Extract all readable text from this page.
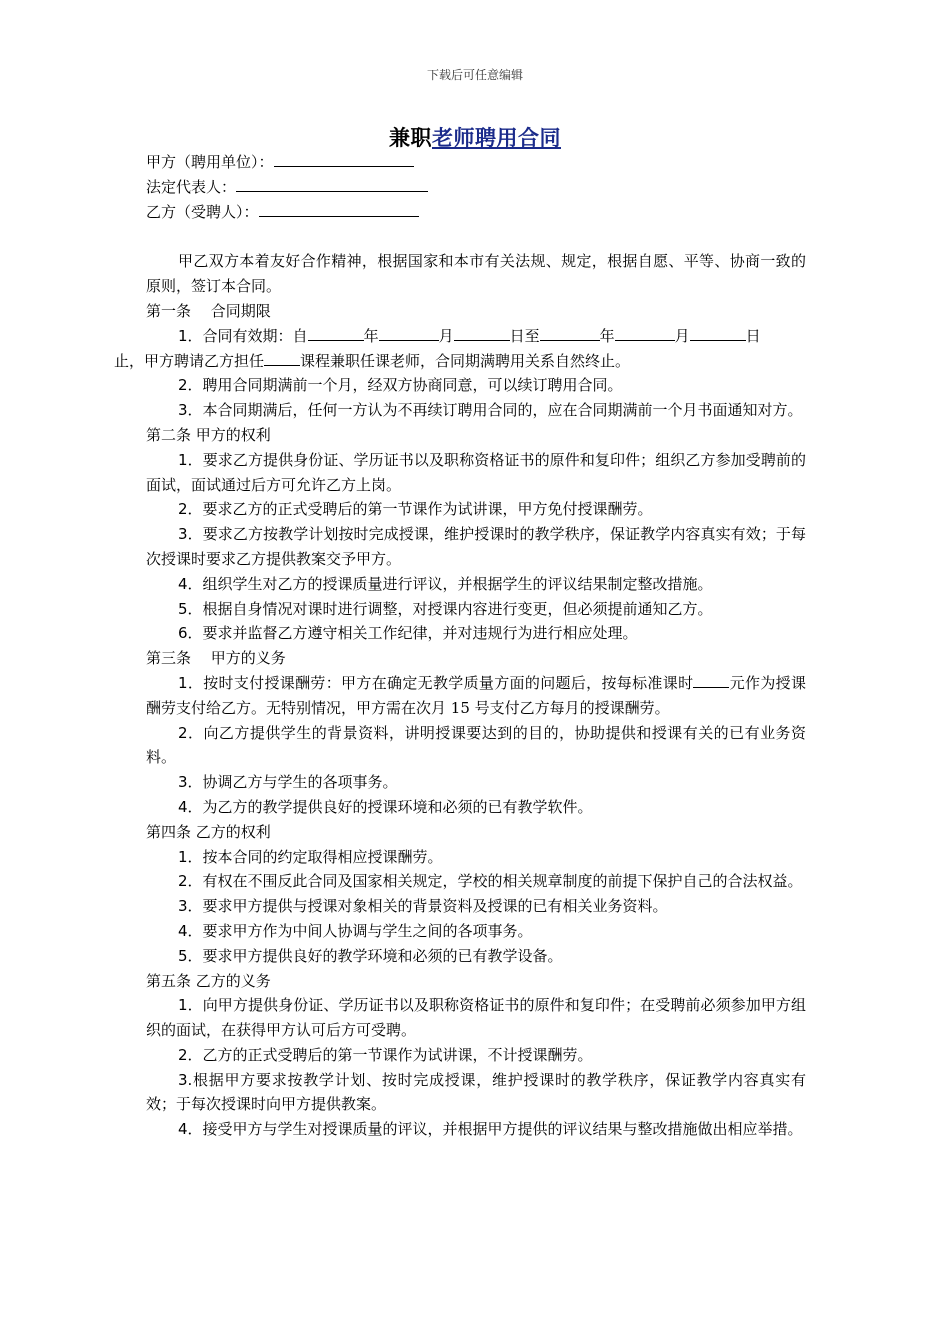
下载后可任意编辑
兼职老师聘用合同
甲方（聘用单位）：
法定代表人：
乙方（受聘人）：

甲乙双方本着友好合作精神，根据国家和本市有关法规、规定，根据自愿、平等、协商一致的原则，签订本合同。

第一条　 合同期限

1．合同有效期：自	年	月	日至	年	月	日
止，甲方聘请乙方担任 课程兼职任课老师，合同期满聘用关系自然终止。

2．聘用合同期满前一个月，经双方协商同意，可以续订聘用合同。

3．本合同期满后，任何一方认为不再续订聘用合同的，应在合同期满前一个月书面通知对方。

第二条 甲方的权利

1．要求乙方提供身份证、学历证书以及职称资格证书的原件和复印件；组织乙方参加受聘前的面试，面试通过后方可允许乙方上岗。

2．要求乙方的正式受聘后的第一节课作为试讲课，甲方免付授课酬劳。

3．要求乙方按教学计划按时完成授课，维护授课时的教学秩序，保证教学内容真实有效；于每次授课时要求乙方提供教案交予甲方。

4．组织学生对乙方的授课质量进行评议，并根据学生的评议结果制定整改措施。

5．根据自身情况对课时进行调整，对授课内容进行变更，但必须提前通知乙方。

6．要求并监督乙方遵守相关工作纪律，并对违规行为进行相应处理。

第三条　 甲方的义务

1．按时支付授课酬劳：甲方在确定无教学质量方面的问题后，按每标准课时 元作为授课酬劳支付给乙方。无特别情况，甲方需在次月 15 号支付乙方每月的授课酬劳。

2．向乙方提供学生的背景资料，讲明授课要达到的目的，协助提供和授课有关的已有业务资料。

3．协调乙方与学生的各项事务。

4．为乙方的教学提供良好的授课环境和必须的已有教学软件。

第四条 乙方的权利

1．按本合同的约定取得相应授课酬劳。

2．有权在不围反此合同及国家相关规定，学校的相关规章制度的前提下保护自己的合法权益。

3．要求甲方提供与授课对象相关的背景资料及授课的已有相关业务资料。

4．要求甲方作为中间人协调与学生之间的各项事务。

5．要求甲方提供良好的教学环境和必须的已有教学设备。

第五条 乙方的义务

1．向甲方提供身份证、学历证书以及职称资格证书的原件和复印件；在受聘前必须参加甲方组织的面试，在获得甲方认可后方可受聘。

2．乙方的正式受聘后的第一节课作为试讲课，不计授课酬劳。

3.根据甲方要求按教学计划、按时完成授课，维护授课时的教学秩序，保证教学内容真实有效；于每次授课时向甲方提供教案。

4．接受甲方与学生对授课质量的评议，并根据甲方提供的评议结果与整改措施做出相应举措。
